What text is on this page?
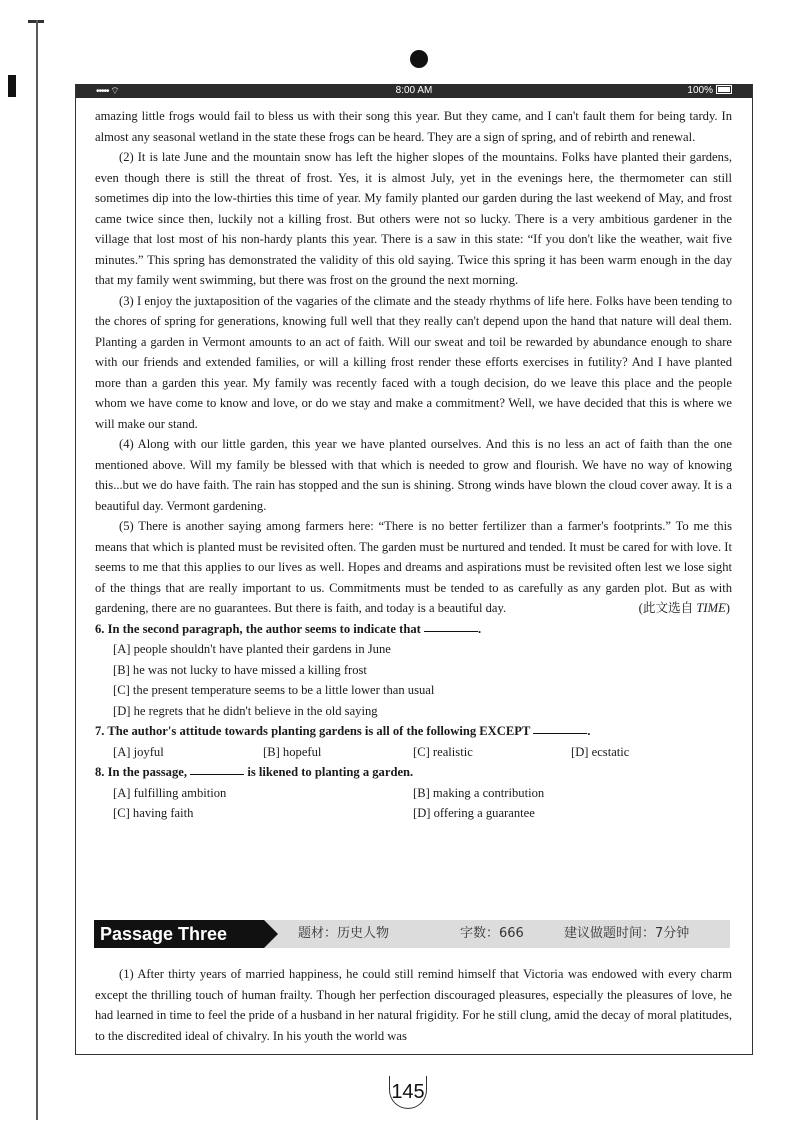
••••• ⌔	8:00 AM	100%

amazing little frogs would fail to bless us with their song this year. But they came, and I can't fault them for being tardy. In almost any seasonal wetland in the state these frogs can be heard. They are a sign of spring, and of rebirth and renewal.

(2) It is late June and the mountain snow has left the higher slopes of the mountains. Folks have planted their gardens, even though there is still the threat of frost. Yes, it is almost July, yet in the evenings here, the thermometer can still sometimes dip into the low-thirties this time of year. My family planted our garden during the last weekend of May, and frost came twice since then, luckily not a killing frost. But others were not so lucky. There is a very ambitious gardener in the village that lost most of his non-hardy plants this year. There is a saw in this state: “If you don't like the weather, wait five minutes.” This spring has demonstrated the validity of this old saying. Twice this spring it has been warm enough in the day that my family went swimming, but there was frost on the ground the next morning.

(3) I enjoy the juxtaposition of the vagaries of the climate and the steady rhythms of life here. Folks have been tending to the chores of spring for generations, knowing full well that they really can't depend upon the hand that nature will deal them. Planting a garden in Vermont amounts to an act of faith. Will our sweat and toil be rewarded by abundance enough to share with our friends and extended families, or will a killing frost render these efforts exercises in futility? And I have planted more than a garden this year. My family was recently faced with a tough decision, do we leave this place and the people whom we have come to know and love, or do we stay and make a commitment? Well, we have decided that this is where we will make our stand.

(4) Along with our little garden, this year we have planted ourselves. And this is no less an act of faith than the one mentioned above. Will my family be blessed with that which is needed to grow and flourish. We have no way of knowing this...but we do have faith. The rain has stopped and the sun is shining. Strong winds have blown the cloud cover away. It is a beautiful day. Vermont gardening.

(5) There is another saying among farmers here: “There is no better fertilizer than a farmer's footprints.” To me this means that which is planted must be revisited often. The garden must be nurtured and tended. It must be cared for with love. It seems to me that this applies to our lives as well. Hopes and dreams and aspirations must be revisited often lest we lose sight of the things that are really important to us. Commitments must be tended to as carefully as any garden plot. But as with gardening, there are no guarantees. But there is faith, and today is a beautiful day.	(此文选自 TIME)

6. In the second paragraph, the author seems to indicate that	.

[A] people shouldn't have planted their gardens in June

[B] he was not lucky to have missed a killing frost

[C] the present temperature seems to be a little lower than usual

[D] he regrets that he didn't believe in the old saying

7. The author's attitude towards planting gardens is all of the following EXCEPT	.

[A] joyful	[B] hopeful	[C] realistic	[D] ecstatic

8. In the passage,	is likened to planting a garden.

[A] fulfilling ambition	[B] making a contribution
[C] having faith	[D] offering a guarantee
Passage Three	题材：历史人物	字数：666	建议做题时间：7分钟

(1) After thirty years of married happiness, he could still remind himself that Victoria was endowed with every charm except the thrilling touch of human frailty. Though her perfection discouraged pleasures, especially the pleasures of love, he had learned in time to feel the pride of a husband in her natural frigidity. For he still clung, amid the decay of moral platitudes, to the discredited ideal of chivalry. In his youth the world was

145
